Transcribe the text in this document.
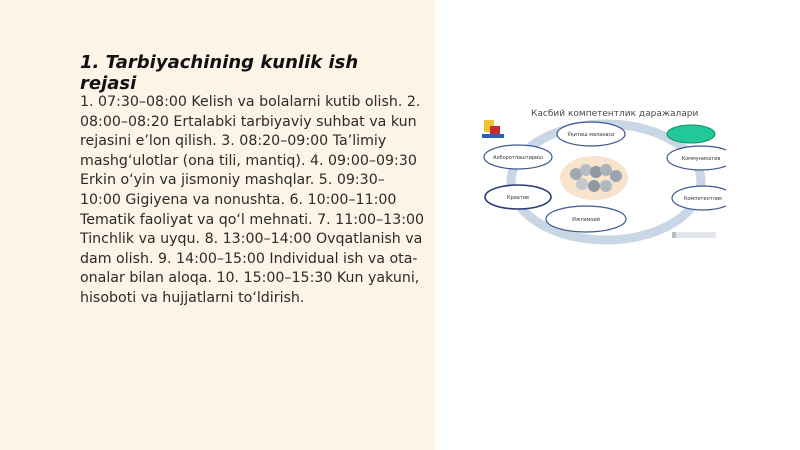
1. Tarbiyachining kunlik ish rejasi

1. 07:30–08:00 Kelish va bolalarni kutib olish. 2. 08:00–08:20 Ertalabki tarbiyaviy suhbat va kun rejasini e’lon qilish. 3. 08:20–09:00 Ta’limiy mashg‘ulotlar (ona tili, mantiq). 4. 09:00–09:30 Erkin o‘yin va jismoniy mashqlar. 5. 09:30–10:00 Gigiyena va nonushta. 6. 10:00–11:00 Tematik faoliyat va qo‘l mehnati. 7. 11:00–13:00 Tinchlik va uyqu. 8. 13:00–14:00 Ovqatlanish va dam olish. 9. 14:00–15:00 Individual ish va ota-onalar bilan aloqa. 10. 15:00–15:30 Kun yakuni, hisoboti va hujjatlarni to‘ldirish.

Касбий компетентлик даражалари
Ўқитиш малакаси
Ахборотлаштириш	Коммуникатив
Креатив	Компетентлик
Ижтимоий
